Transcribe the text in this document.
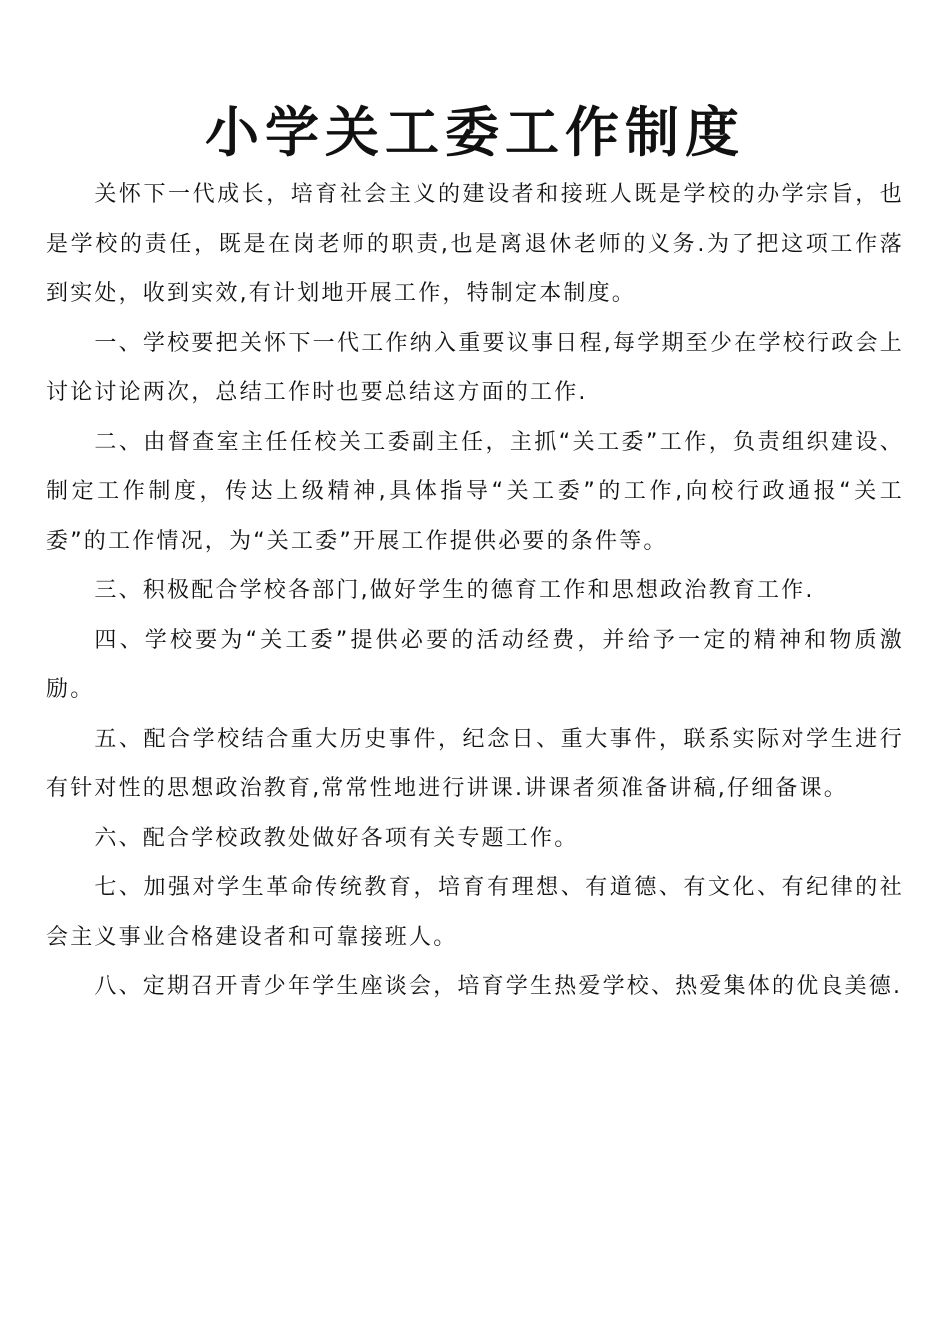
小学关工委工作制度

关怀下一代成长，培育社会主义的建设者和接班人既是学校的办学宗旨，也是学校的责任，既是在岗老师的职责,也是离退休老师的义务.为了把这项工作落到实处，收到实效,有计划地开展工作，特制定本制度。

一、学校要把关怀下一代工作纳入重要议事日程,每学期至少在学校行政会上讨论讨论两次，总结工作时也要总结这方面的工作.

二、由督查室主任任校关工委副主任，主抓“关工委”工作，负责组织建设、制定工作制度，传达上级精神,具体指导“关工委”的工作,向校行政通报“关工委”的工作情况，为“关工委”开展工作提供必要的条件等。

三、积极配合学校各部门,做好学生的德育工作和思想政治教育工作.

四、学校要为“关工委”提供必要的活动经费，并给予一定的精神和物质激励。

五、配合学校结合重大历史事件，纪念日、重大事件，联系实际对学生进行有针对性的思想政治教育,常常性地进行讲课.讲课者须准备讲稿,仔细备课。

六、配合学校政教处做好各项有关专题工作。

七、加强对学生革命传统教育，培育有理想、有道德、有文化、有纪律的社会主义事业合格建设者和可靠接班人。

八、定期召开青少年学生座谈会，培育学生热爱学校、热爱集体的优良美德.
